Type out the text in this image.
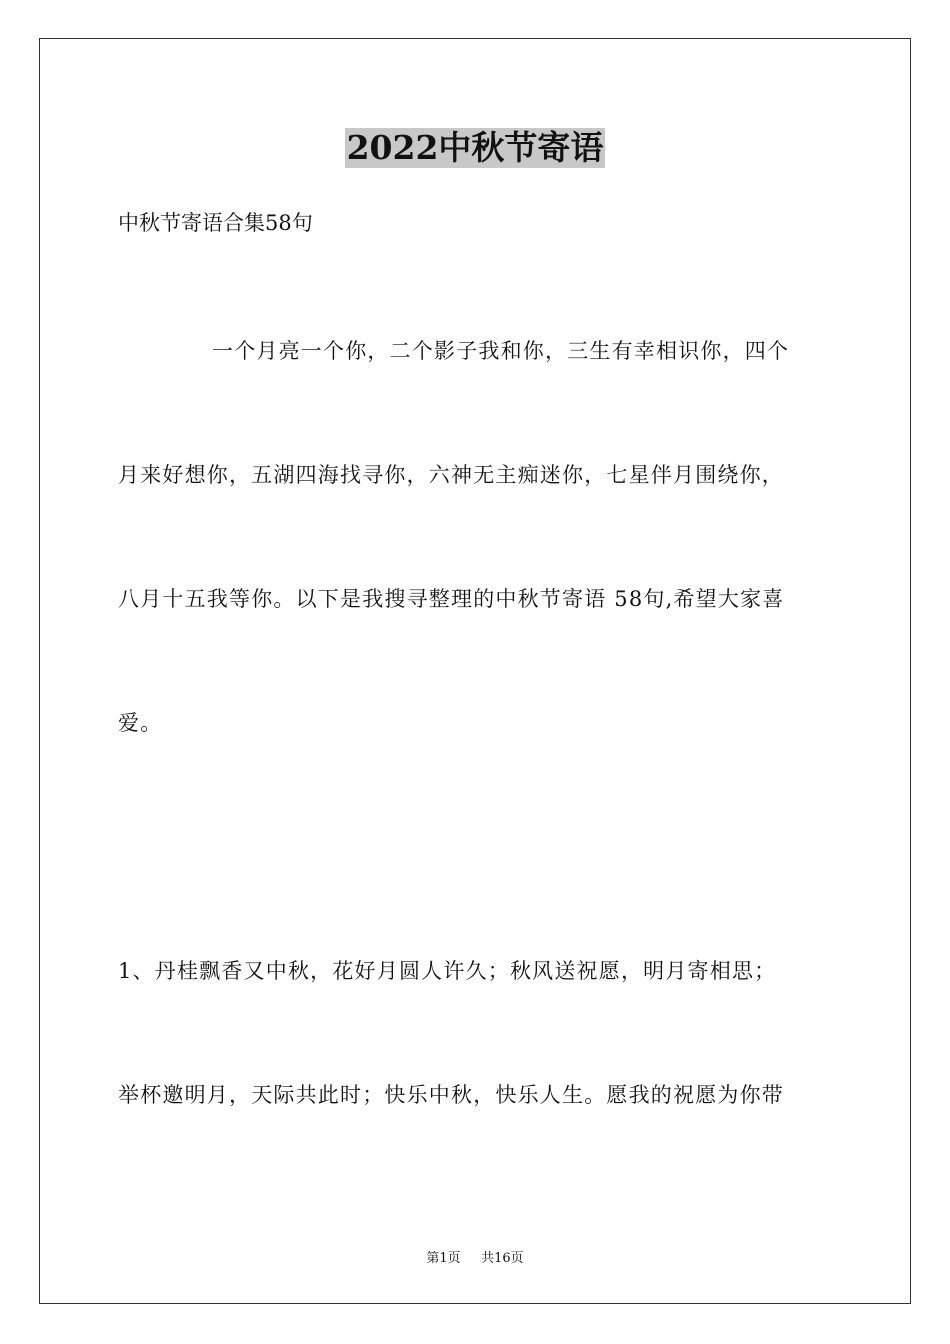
2022中秋节寄语
中秋节寄语合集58句
一个月亮一个你，二个影子我和你，三生有幸相识你，四个
月来好想你，五湖四海找寻你，六神无主痴迷你，七星伴月围绕你，
八月十五我等你。以下是我搜寻整理的中秋节寄语 58句,希望大家喜
爱。
1、丹桂飘香又中秋，花好月圆人许久；秋风送祝愿，明月寄相思；
举杯邀明月，天际共此时；快乐中秋，快乐人生。愿我的祝愿为你带
第1页 共16页
